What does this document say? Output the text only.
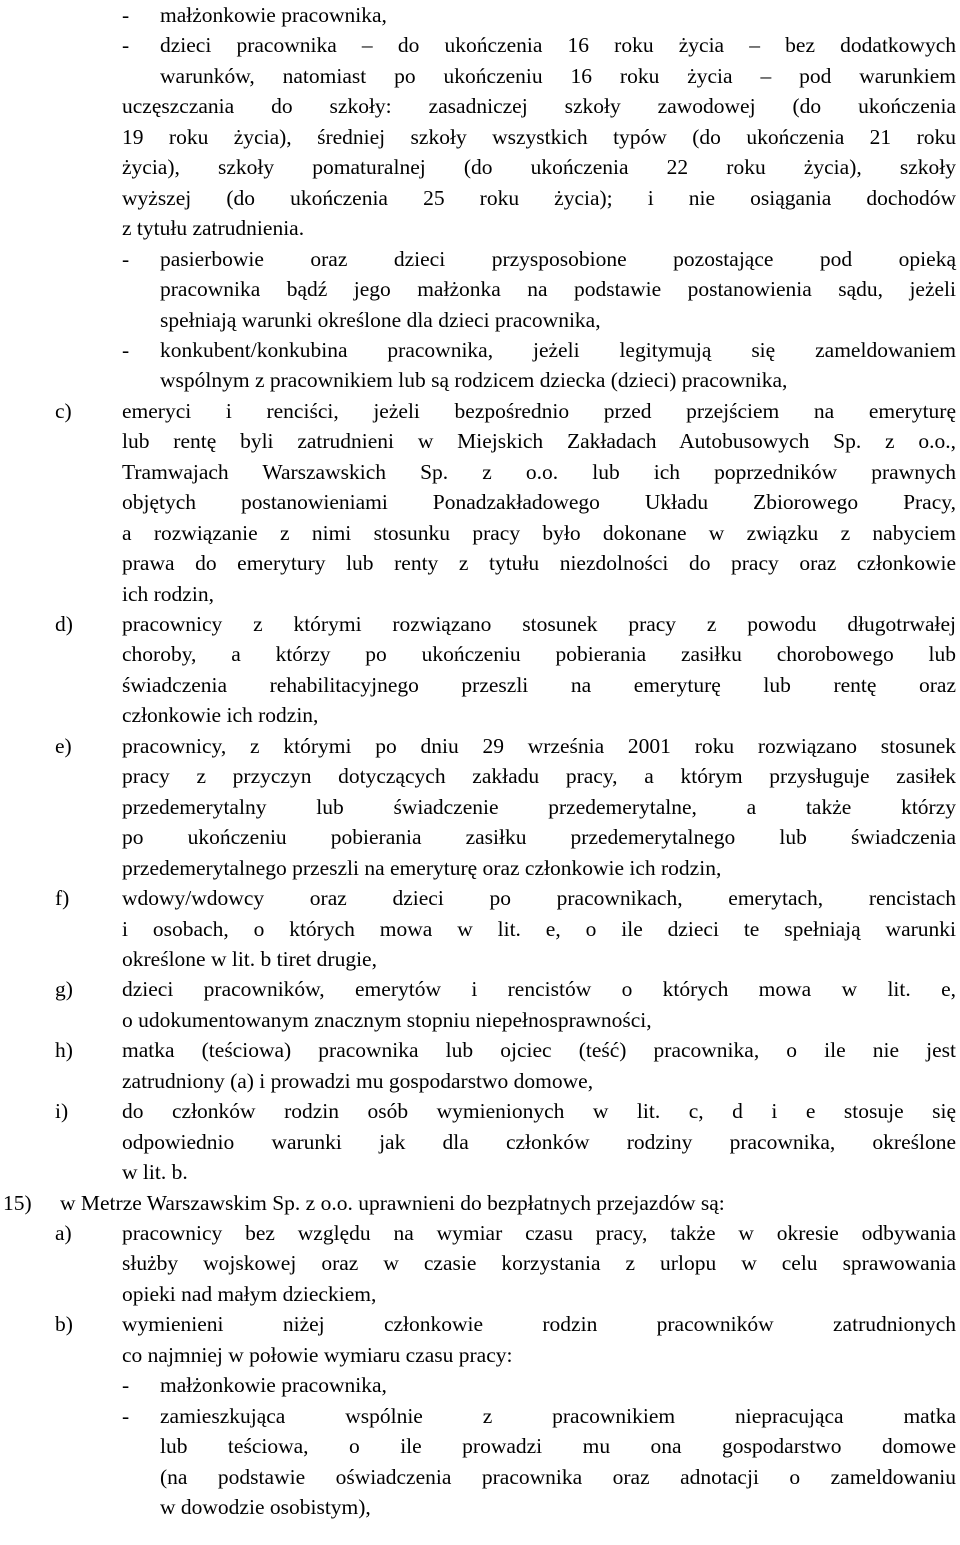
- małżonkowie pracownika,
- dzieci pracownika – do ukończenia 16 roku życia – bez dodatkowych
warunków, natomiast po ukończeniu 16 roku życia – pod warunkiem
uczęszczania do szkoły: zasadniczej szkoły zawodowej (do ukończenia
19 roku życia), średniej szkoły wszystkich typów (do ukończenia 21 roku
życia), szkoły pomaturalnej (do ukończenia 22 roku życia), szkoły
wyższej (do ukończenia 25 roku życia); i nie osiągania dochodów
z tytułu zatrudnienia.
- pasierbowie oraz dzieci przysposobione pozostające pod opieką
pracownika bądź jego małżonka na podstawie postanowienia sądu, jeżeli
spełniają warunki określone dla dzieci pracownika,
- konkubent/konkubina pracownika, jeżeli legitymują się zameldowaniem
wspólnym z pracownikiem lub są rodzicem dziecka (dzieci) pracownika,
c) emeryci i renciści, jeżeli bezpośrednio przed przejściem na emeryturę
lub rentę byli zatrudnieni w Miejskich Zakładach Autobusowych Sp. z o.o.,
Tramwajach Warszawskich Sp. z o.o. lub ich poprzedników prawnych
objętych postanowieniami Ponadzakładowego Układu Zbiorowego Pracy,
a rozwiązanie z nimi stosunku pracy było dokonane w związku z nabyciem
prawa do emerytury lub renty z tytułu niezdolności do pracy oraz członkowie
ich rodzin,
d) pracownicy z którymi rozwiązano stosunek pracy z powodu długotrwałej
choroby, a którzy po ukończeniu pobierania zasiłku chorobowego lub
świadczenia rehabilitacyjnego przeszli na emeryturę lub rentę oraz
członkowie ich rodzin,
e) pracownicy, z którymi po dniu 29 września 2001 roku rozwiązano stosunek
pracy z przyczyn dotyczących zakładu pracy, a którym przysługuje zasiłek
przedemerytalny lub świadczenie przedemerytalne, a także którzy
po ukończeniu pobierania zasiłku przedemerytalnego lub świadczenia
przedemerytalnego przeszli na emeryturę oraz członkowie ich rodzin,
f) wdowy/wdowcy oraz dzieci po pracownikach, emerytach, rencistach
i osobach, o których mowa w lit. e, o ile dzieci te spełniają warunki
określone w lit. b tiret drugie,
g) dzieci pracowników, emerytów i rencistów o których mowa w lit. e,
o udokumentowanym znacznym stopniu niepełnosprawności,
h) matka (teściowa) pracownika lub ojciec (teść) pracownika, o ile nie jest
zatrudniony (a) i prowadzi mu gospodarstwo domowe,
i)	do członków rodzin osób wymienionych w lit. c, d i e stosuje się
odpowiednio warunki jak dla członków rodziny pracownika, określone
w lit. b.
15) w Metrze Warszawskim Sp. z o.o. uprawnieni do bezpłatnych przejazdów są:
a) pracownicy bez względu na wymiar czasu pracy, także w okresie odbywania
służby wojskowej oraz w czasie korzystania z urlopu w celu sprawowania
opieki nad małym dzieckiem,
b) wymienieni niżej członkowie rodzin pracowników zatrudnionych
co najmniej w połowie wymiaru czasu pracy:
- małżonkowie pracownika,
- zamieszkująca wspólnie z pracownikiem niepracująca matka
lub teściowa, o ile prowadzi mu ona gospodarstwo domowe
(na podstawie oświadczenia pracownika oraz adnotacji o zameldowaniu
w dowodzie osobistym),
